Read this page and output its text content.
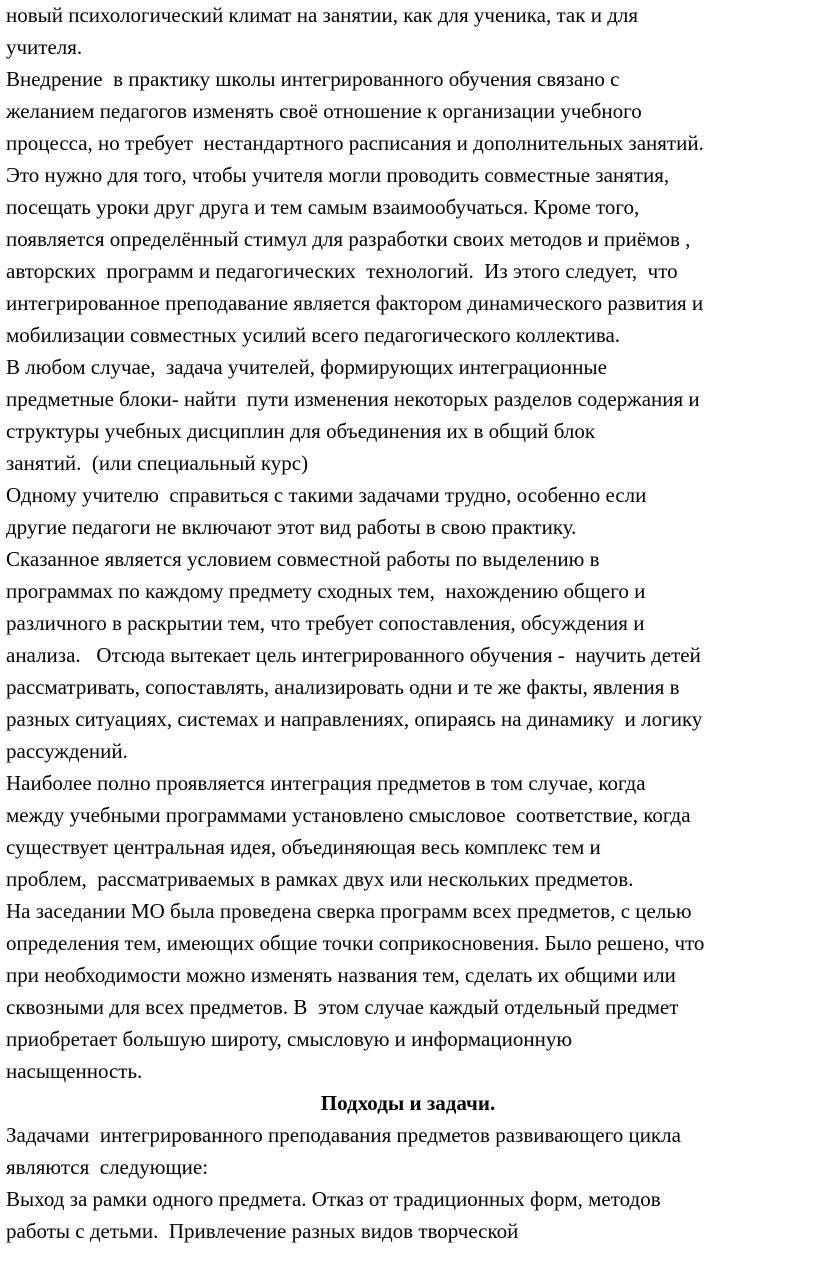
новый психологический климат на занятии, как для ученика, так и для
учителя.
Внедрение  в практику школы интегрированного обучения связано с
желанием педагогов изменять своё отношение к организации учебного
процесса, но требует  нестандартного расписания и дополнительных занятий.
Это нужно для того, чтобы учителя могли проводить совместные занятия,
посещать уроки друг друга и тем самым взаимообучаться. Кроме того,
появляется определённый стимул для разработки своих методов и приёмов ,
авторских  программ и педагогических  технологий.  Из этого следует,  что
интегрированное преподавание является фактором динамического развития и
мобилизации совместных усилий всего педагогического коллектива.
В любом случае,  задача учителей, формирующих интеграционные
предметные блоки- найти  пути изменения некоторых разделов содержания и
структуры учебных дисциплин для объединения их в общий блок
занятий.  (или специальный курс)
Одному учителю  справиться с такими задачами трудно, особенно если
другие педагоги не включают этот вид работы в свою практику.
Сказанное является условием совместной работы по выделению в
программах по каждому предмету сходных тем,  нахождению общего и
различного в раскрытии тем, что требует сопоставления, обсуждения и
анализа.   Отсюда вытекает цель интегрированного обучения -  научить детей
рассматривать, сопоставлять, анализировать одни и те же факты, явления в
разных ситуациях, системах и направлениях, опираясь на динамику  и логику
рассуждений.
Наиболее полно проявляется интеграция предметов в том случае, когда
между учебными программами установлено смысловое  соответствие, когда
существует центральная идея, объединяющая весь комплекс тем и
проблем,  рассматриваемых в рамках двух или нескольких предметов.
На заседании МО была проведена сверка программ всех предметов, с целью
определения тем, имеющих общие точки соприкосновения. Было решено, что
при необходимости можно изменять названия тем, сделать их общими или
сквозными для всех предметов. В  этом случае каждый отдельный предмет
приобретает большую широту, смысловую и информационную
насыщенность.
Подходы и задачи.
Задачами  интегрированного преподавания предметов развивающего цикла
являются  следующие:
Выход за рамки одного предмета. Отказ от традиционных форм, методов
работы с детьми.  Привлечение разных видов творческой
